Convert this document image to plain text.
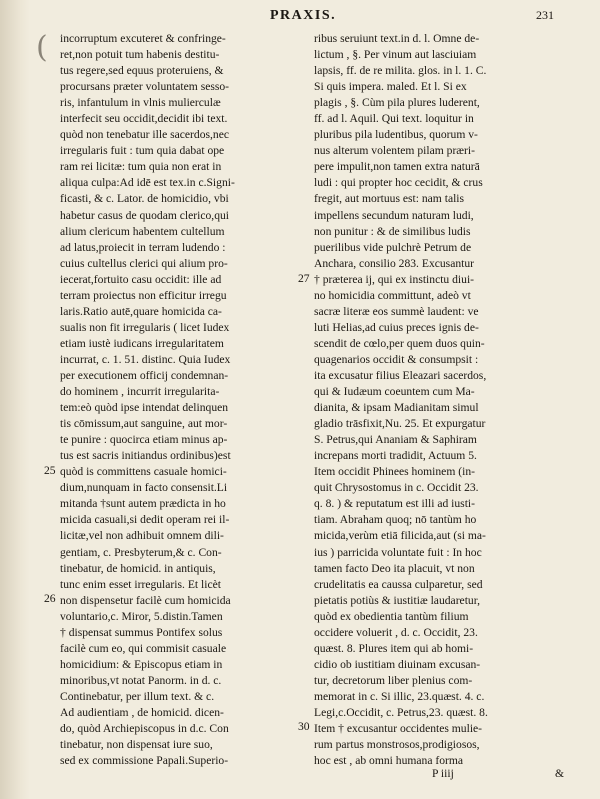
(
PRAXIS.	231
incorruptum excuteret & confringe-
ret,non potuit tum habenis destitu-
tus regere,sed equus proteruiens, &
procursans præter voluntatem sesso-
ris, infantulum in vlnis mulierculæ
interfecit seu occidit,decidit ibi text.
quòd non tenebatur ille sacerdos,nec
irregularis fuit : tum quia dabat ope
ram rei licitæ: tum quia non erat in
aliqua culpa:Ad idē est tex.in c.Signi-
ficasti, & c. Lator. de homicidio, vbi
habetur casus de quodam clerico,qui
alium clericum habentem cultellum
ad latus,proiecit in terram ludendo :
cuius cultellus clerici qui alium pro-
iecerat,fortuito casu occidit: ille ad
terram proiectus non efficitur irregu
laris.Ratio autē,quare homicida ca-
sualis non fit irregularis ( licet Iudex
etiam iustè iudicans irregularitatem
incurrat, c. 1. 51. distinc. Quia Iudex
per executionem officij condemnan-
do hominem , incurrit irregularita-
tem:eò quòd ipse intendat delinquen
tis cōmissum,aut sanguine, aut mor-
te punire : quocirca etiam minus ap-
tus est sacris initiandus ordinibus)est
quòd is committens casuale homici-
dium,nunquam in facto consensit.Li
mitanda †sunt autem prædicta in ho
micida casuali,si dedit operam rei il-
licitæ,vel non adhibuit omnem dili-
gentiam, c. Presbyterum,& c. Con-
tinebatur, de homicid. in antiquis,
tunc enim esset irregularis. Et licèt
non dispensetur facilè cum homicida
voluntario,c. Miror, 5.distin.Tamen
† dispensat summus Pontifex solus
facilè cum eo, qui commisit casuale
homicidium: & Episcopus etiam in
minoribus,vt notat Panorm. in d. c.
Continebatur, per illum text. & c.
Ad audientiam , de homicid. dicen-
do, quòd Archiepiscopus in d.c. Con
tinebatur, non dispensat iure suo,
sed ex commissione Papali.Superio-
ribus seruiunt text.in d. l. Omne de-
lictum , §. Per vinum aut lasciuiam
lapsis, ff. de re milita. glos. in l. 1. C.
Si quis impera. maled. Et l. Si ex
plagis , §. Cùm pila plures luderent,
ff. ad l. Aquil. Qui text. loquitur in
pluribus pila ludentibus, quorum v-
nus alterum volentem pilam præri-
pere impulit,non tamen extra naturā
ludi : qui propter hoc cecidit, & crus
fregit, aut mortuus est: nam talis
impellens secundum naturam ludi,
non punitur : & de similibus ludis
puerilibus vide pulchrè Petrum de
Anchara, consilio 283. Excusantur
† præterea ij, qui ex instinctu diui-
no homicidia committunt, adeò vt
sacræ literæ eos summè laudent: ve
luti Helias,ad cuius preces ignis de-
scendit de cœlo,per quem duos quin-
quagenarios occidit & consumpsit :
ita excusatur filius Eleazari sacerdos,
qui & Iudæum coeuntem cum Ma-
dianita, & ipsam Madianitam simul
gladio trāsfixit,Nu. 25. Et expurgatur
S. Petrus,qui Ananiam & Saphiram
increpans morti tradidit, Actuum 5.
Item occidit Phinees hominem (in-
quit Chrysostomus in c. Occidit 23.
q. 8. ) & reputatum est illi ad iusti-
tiam. Abraham quoq; nō tantùm ho
micida,verùm etiā filicida,aut (si ma-
ius ) parricida voluntate fuit : In hoc
tamen facto Deo ita placuit, vt non
crudelitatis ea caussa culparetur, sed
pietatis potiùs & iustitiæ laudaretur,
quòd ex obedientia tantùm filium
occidere voluerit , d. c. Occidit, 23.
quæst. 8. Plures item qui ab homi-
cidio ob iustitiam diuinam excusan-
tur, decretorum liber plenius com-
memorat in c. Si illic, 23.quæst. 4. c.
Legi,c.Occidit, c. Petrus,23. quæst. 8.
Item † excusantur occidentes mulie-
rum partus monstrosos,prodigiosos,
hoc est , ab omni humana forma
25
26
27
30
P iiij	&
